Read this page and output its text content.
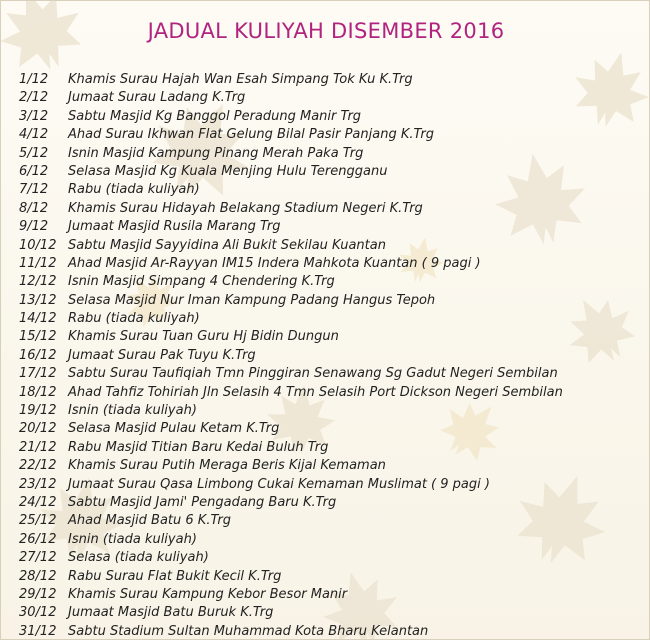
JADUAL KULIYAH DISEMBER 2016
1/12 Khamis Surau Hajah Wan Esah Simpang Tok Ku K.Trg
2/12 Jumaat Surau Ladang K.Trg
3/12 Sabtu Masjid Kg Banggol Peradung Manir Trg
4/12 Ahad Surau Ikhwan Flat Gelung Bilal Pasir Panjang K.Trg
5/12 Isnin Masjid Kampung Pinang Merah Paka Trg
6/12 Selasa Masjid Kg Kuala Menjing Hulu Terengganu
7/12 Rabu (tiada kuliyah)
8/12 Khamis Surau Hidayah Belakang Stadium Negeri K.Trg
9/12 Jumaat Masjid Rusila Marang Trg
10/12 Sabtu Masjid Sayyidina Ali Bukit Sekilau Kuantan
11/12 Ahad Masjid Ar-Rayyan IM15 Indera Mahkota Kuantan ( 9 pagi )
12/12 Isnin Masjid Simpang 4 Chendering K.Trg
13/12 Selasa Masjid Nur Iman Kampung Padang Hangus Tepoh
14/12 Rabu (tiada kuliyah)
15/12 Khamis Surau Tuan Guru Hj Bidin Dungun
16/12 Jumaat Surau Pak Tuyu K.Trg
17/12 Sabtu Surau Taufiqiah Tmn Pinggiran Senawang Sg Gadut Negeri Sembilan
18/12 Ahad Tahfiz Tohiriah Jln Selasih 4 Tmn Selasih Port Dickson Negeri Sembilan
19/12 Isnin (tiada kuliyah)
20/12 Selasa Masjid Pulau Ketam K.Trg
21/12 Rabu Masjid Titian Baru Kedai Buluh Trg
22/12 Khamis Surau Putih Meraga Beris Kijal Kemaman
23/12 Jumaat Surau Qasa Limbong Cukai Kemaman Muslimat ( 9 pagi )
24/12 Sabtu Masjid Jami' Pengadang Baru K.Trg
25/12 Ahad Masjid Batu 6 K.Trg
26/12 Isnin (tiada kuliyah)
27/12 Selasa (tiada kuliyah)
28/12 Rabu Surau Flat Bukit Kecil K.Trg
29/12 Khamis Surau Kampung Kebor Besor Manir
30/12 Jumaat Masjid Batu Buruk K.Trg
31/12 Sabtu Stadium Sultan Muhammad Kota Bharu Kelantan
